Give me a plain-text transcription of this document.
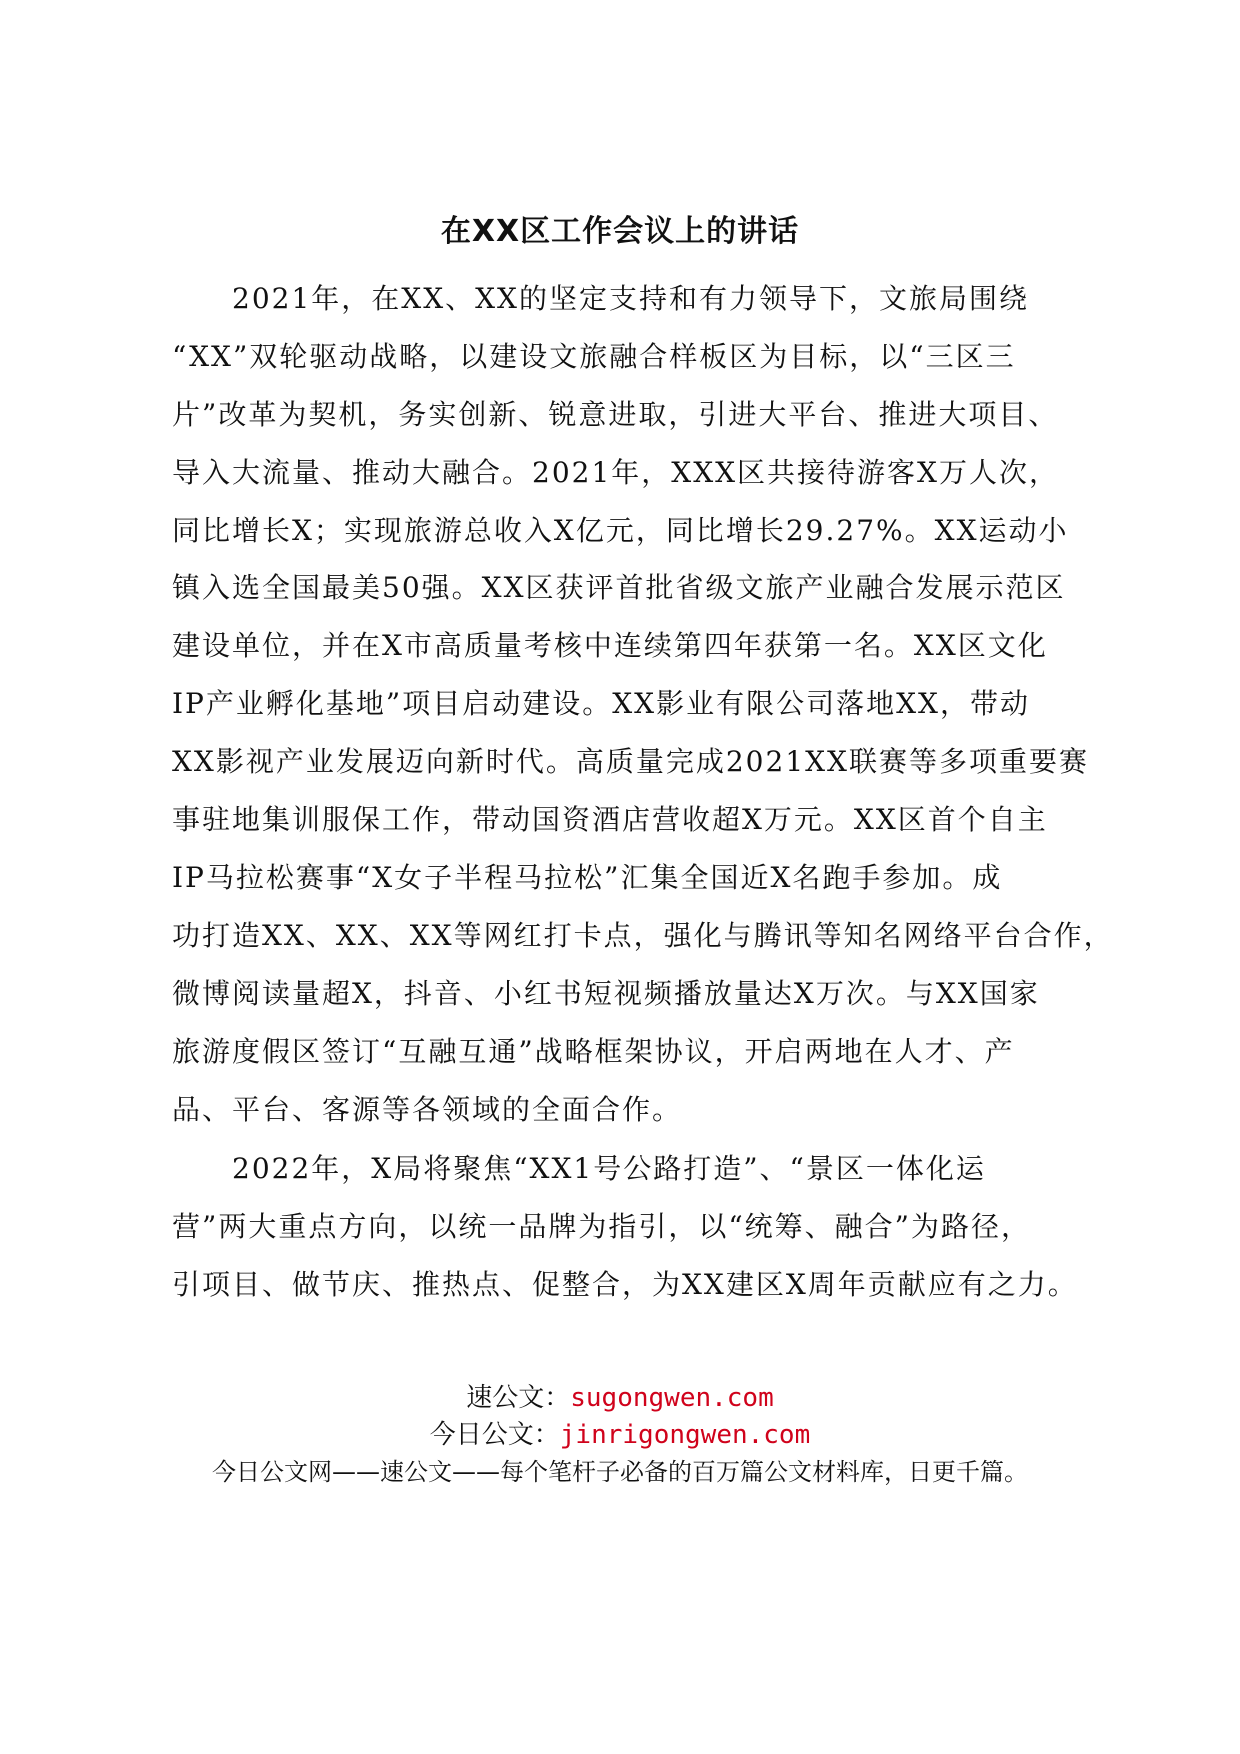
在XX区工作会议上的讲话
2021年，在XX、XX的坚定支持和有力领导下，文旅局围绕
“XX”双轮驱动战略，以建设文旅融合样板区为目标，以“三区三
片”改革为契机，务实创新、锐意进取，引进大平台、推进大项目、
导入大流量、推动大融合。2021年，XXX区共接待游客X万人次，
同比增长X；实现旅游总收入X亿元，同比增长29.27%。XX运动小
镇入选全国最美50强。XX区获评首批省级文旅产业融合发展示范区
建设单位，并在X市高质量考核中连续第四年获第一名。XX区文化
IP产业孵化基地”项目启动建设。XX影业有限公司落地XX，带动
XX影视产业发展迈向新时代。高质量完成2021XX联赛等多项重要赛
事驻地集训服保工作，带动国资酒店营收超X万元。XX区首个自主
IP马拉松赛事“X女子半程马拉松”汇集全国近X名跑手参加。成
功打造XX、XX、XX等网红打卡点，强化与腾讯等知名网络平台合作，
微博阅读量超X，抖音、小红书短视频播放量达X万次。与XX国家
旅游度假区签订“互融互通”战略框架协议，开启两地在人才、产
品、平台、客源等各领域的全面合作。
2022年，X局将聚焦“XX1号公路打造”、“景区一体化运
营”两大重点方向，以统一品牌为指引，以“统筹、融合”为路径，
引项目、做节庆、推热点、促整合，为XX建区X周年贡献应有之力。
速公文：sugongwen.com
今日公文：jinrigongwen.com
今日公文网——速公文——每个笔杆子必备的百万篇公文材料库，日更千篇。
